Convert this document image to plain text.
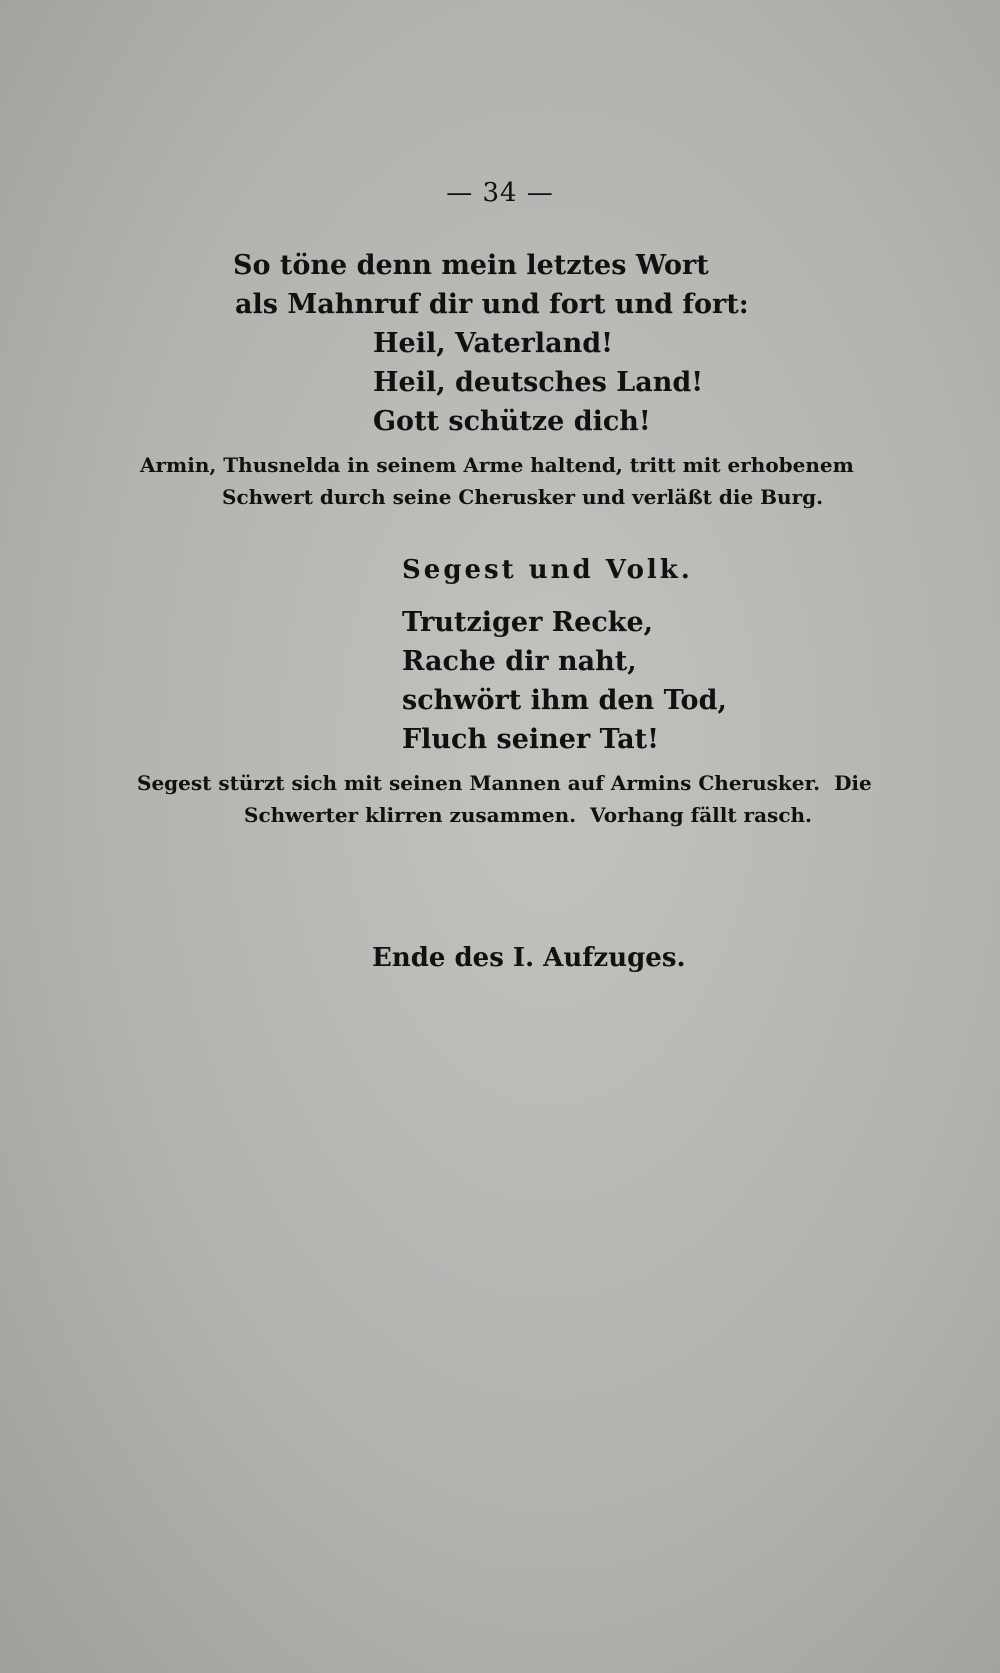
— 34 —

So töne denn mein letztes Wort

als Mahnruf dir und fort und fort:

Heil, Vaterland!

Heil, deutsches Land!

Gott schütze dich!

Armin, Thusnelda in seinem Arme haltend, tritt mit erhobenem

Schwert durch seine Cherusker und verläßt die Burg.

Segest und Volk.

Trutziger Recke,

Rache dir naht,

schwört ihm den Tod,

Fluch seiner Tat!

Segest stürzt sich mit seinen Mannen auf Armins Cherusker.  Die

Schwerter klirren zusammen.  Vorhang fällt rasch.

Ende des I. Aufzuges.
